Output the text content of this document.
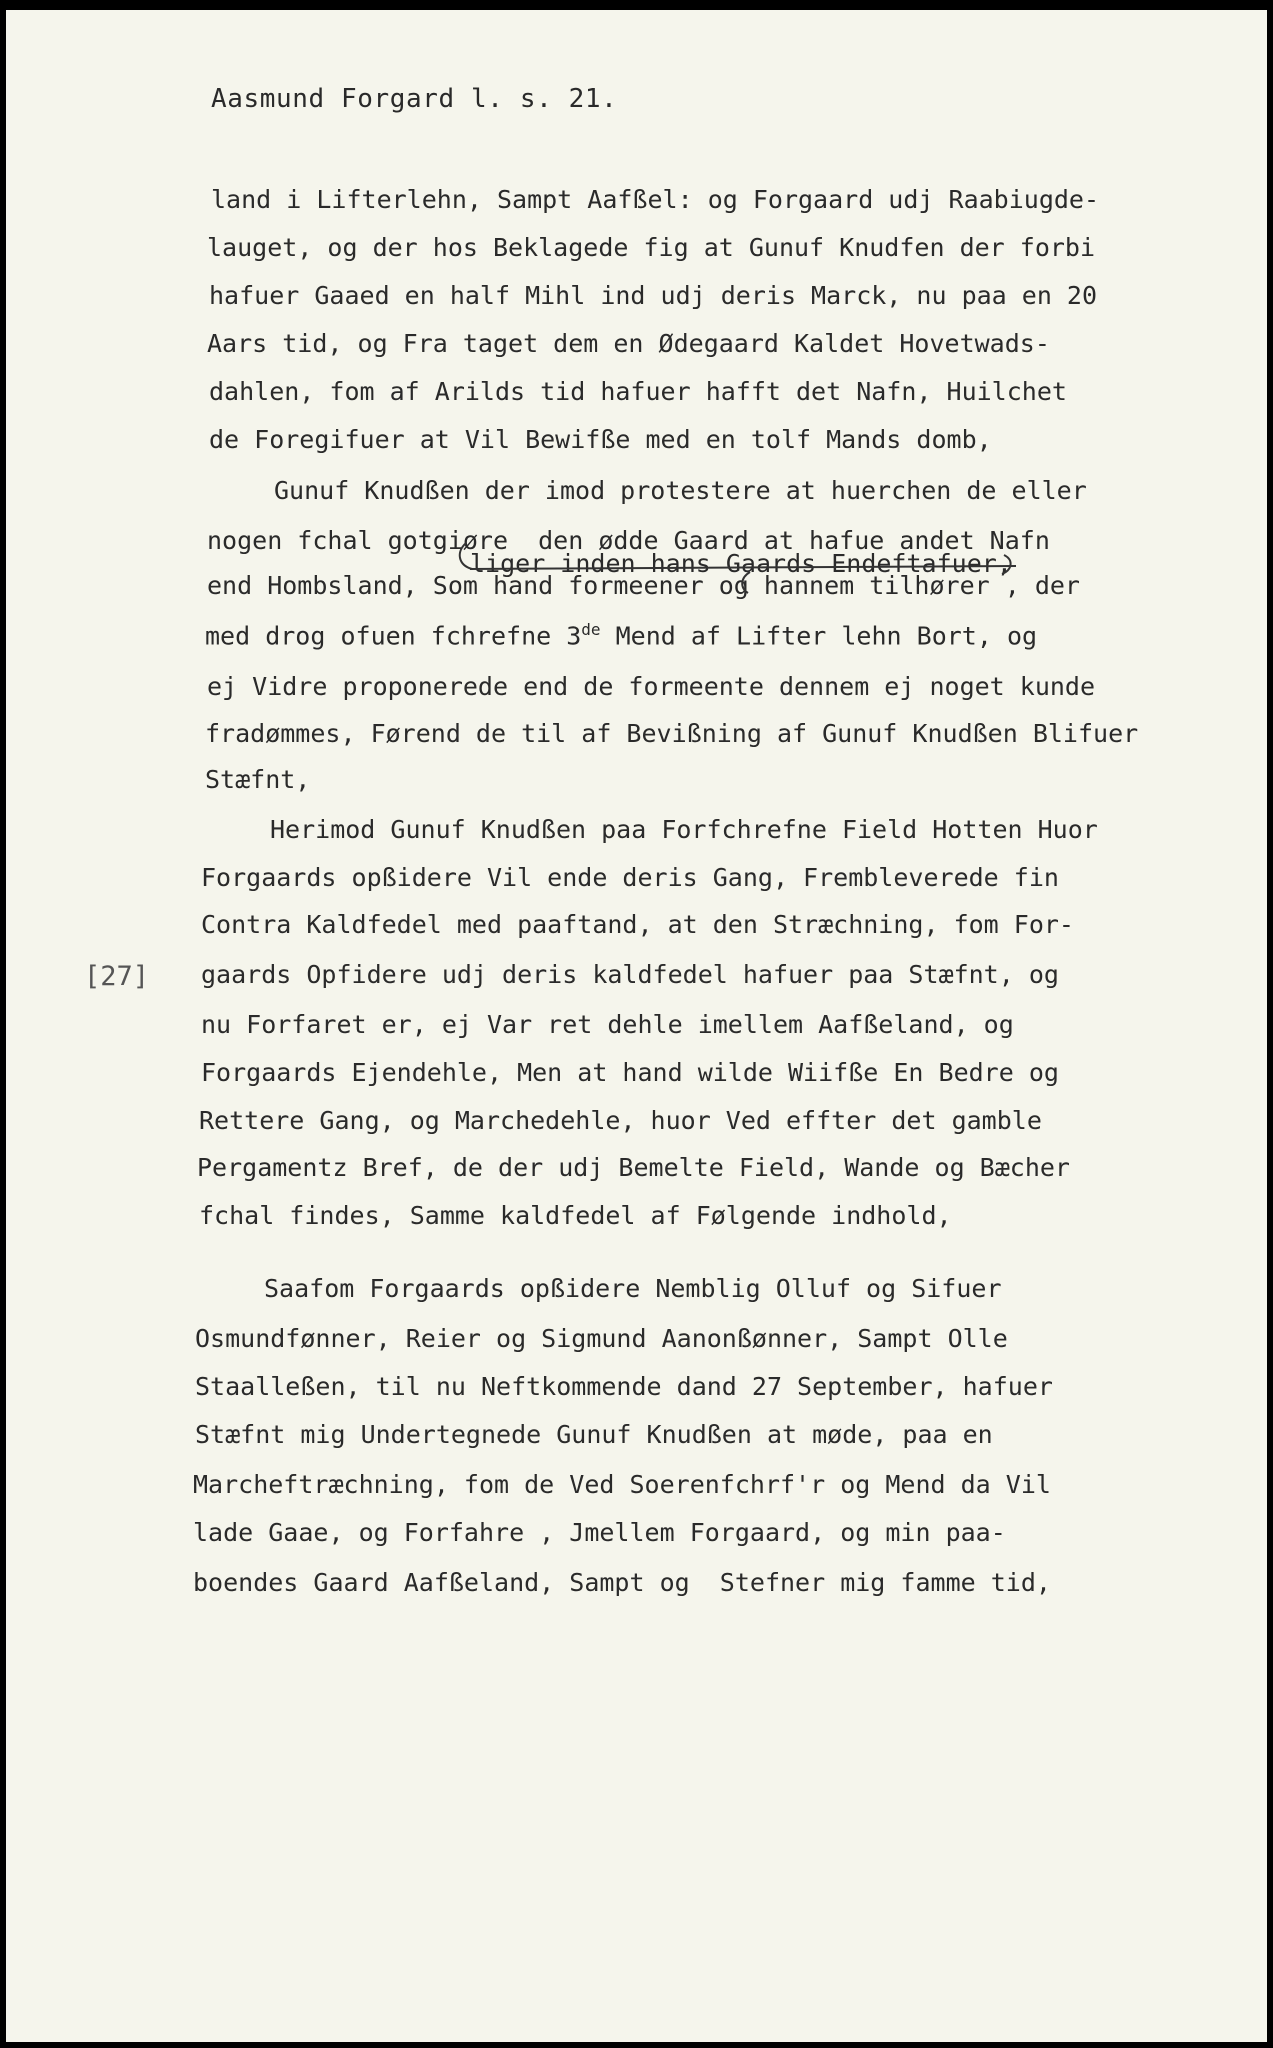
Aasmund Forgard l. s. 21.
land i Lifterlehn, Sampt Aafßel: og Forgaard udj Raabiugde-
lauget, og der hos Beklagede fig at Gunuf Knudfen der forbi
hafuer Gaaed en half Mihl ind udj deris Marck, nu paa en 20
Aars tid, og Fra taget dem en Ødegaard Kaldet Hovetwads-
dahlen, fom af Arilds tid hafuer hafft det Nafn, Huilchet
de Foregifuer at Vil Bewifße med en tolf Mands domb,
Gunuf Knudßen der imod protestere at huerchen de eller
nogen fchal gotgiøre  den ødde Gaard at hafue andet Nafn
liger inden hans Gaards Endeftafuer,
end Hombsland, Som hand formeener og hannem tilhører , der
med drog ofuen fchrefne 3de Mend af Lifter lehn Bort, og
ej Vidre proponerede end de formeente dennem ej noget kunde
fradømmes, Førend de til af Bevißning af Gunuf Knudßen Blifuer
Stæfnt,
Herimod Gunuf Knudßen paa Forfchrefne Field Hotten Huor
Forgaards opßidere Vil ende deris Gang, Fremblеverede fin
Contra Kaldfedel med paaftand, at den Stræchning, fom For-
[27] gaards Opfidere udj deris kaldfedel hafuer paa Stæfnt, og
nu Forfaret er, ej Var ret dehle imellem Aafßeland, og
Forgaards Ejendehle, Men at hand wilde Wiifße En Bedre og
Rettere Gang, og Marchedehle, huor Ved effter det gamble
Pergamentz Bref, de der udj Bemelte Field, Wande og Bæcher
fchal findes, Samme kaldfedel af Følgende indhold,
Saafom Forgaards opßidere Nemblig Olluf og Sifuer
Osmundfønner, Reier og Sigmund Aanonßønner, Sampt Olle
Staalleßen, til nu Neftkommende dand 27 September, hafuer
Stæfnt mig Undertegnede Gunuf Knudßen at møde, paa en
Marcheftræchning, fom de Ved Soerenfchrf'r og Mend da Vil
lade Gaae, og Forfahre , Jmellem Forgaard, og min paa-
boendes Gaard Aafßeland, Sampt og  Stefner mig famme tid,
